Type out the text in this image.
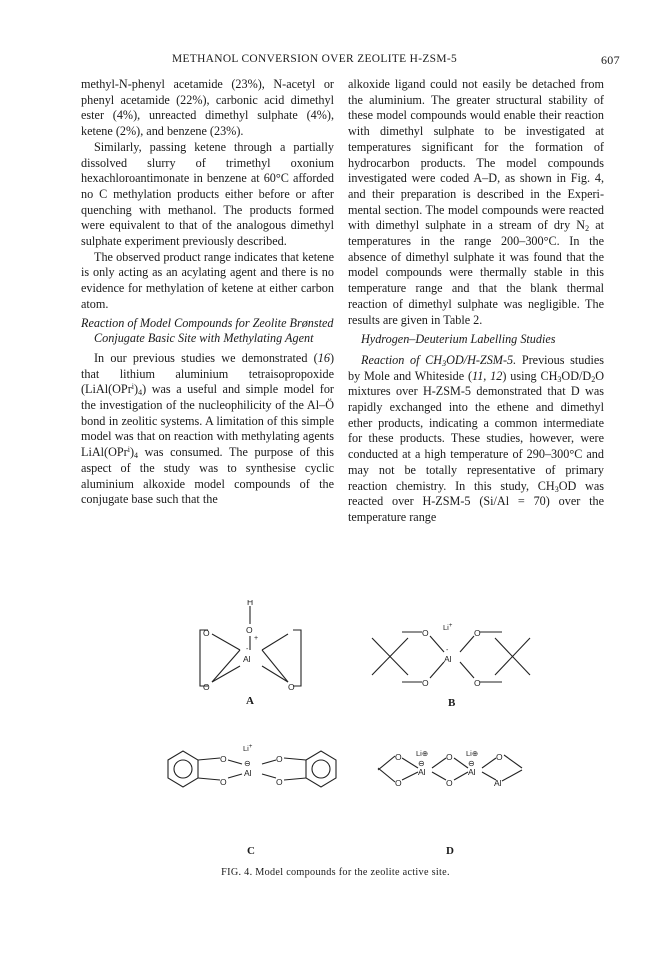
METHANOL CONVERSION OVER ZEOLITE H-ZSM-5	607

methyl-N-phenyl acetamide (23%), N-acetyl or phenyl acetamide (22%), carbonic acid dimethyl ester (4%), unreacted dimethyl sulphate (4%), ketene (2%), and benzene (23%).

Similarly, passing ketene through a partially dissolved slurry of trimethyl oxonium hexachloroantimonate in benzene at 60°C afforded no C methylation products either before or after quenching with methanol. The products formed were equivalent to that of the analogous dimethyl sulphate experiment previously described.

The observed product range indicates that ketene is only acting as an acylating agent and there is no evidence for methylation of ketene at either carbon atom.

Reaction of Model Compounds for Zeolite Brønsted Conjugate Basic Site with Methylating Agent

In our previous studies we demonstrated (16) that lithium aluminium tetraisopropoxide $(LiAl(OPr^i)_4)$ was a useful and simple model for the investigation of the nucleophilicity of the Al–Ö bond in zeolitic systems. A limitation of this simple model was that on reaction with methylating agents $LiAl(OPr^i)_4$ was consumed. The purpose of this aspect of the study was to synthesise cyclic aluminium alkoxide model compounds of the conjugate base such that the

alkoxide ligand could not easily be detached from the aluminium. The greater structural stability of these model compounds would enable their reaction with dimethyl sulphate to be investigated at temperatures significant for the formation of hydrocarbon products. The model compounds investigated were coded A–D, as shown in Fig. 4, and their preparation is described in the Experimental section. The model compounds were reacted with dimethyl sulphate in a stream of dry $N_2$ at temperatures in the range 200–300°C. In the absence of dimethyl sulphate it was found that the model compounds were thermally stable in this temperature range and that the blank thermal reaction of dimethyl sulphate was negligible. The results are given in Table 2.

Hydrogen–Deuterium Labelling Studies

Reaction of $CH_3OD/H-ZSM-5$. Previous studies by Mole and Whiteside (11, 12) using $CH_3OD/D_2O$ mixtures over H-ZSM-5 demonstrated that D was rapidly exchanged into the ethene and dimethyl ether products, indicating a common intermediate for these products. These studies, however, were conducted at a high temperature of 290–300°C and may not be totally representative of primary reaction chemistry. In this study, $CH_3OD$ was reacted over H-ZSM-5 (Si/Al = 70) over the temperature range

H
O	O
+
Al
-
O	O
O
Li+
Al
-
O
O
O
O
Li+
⊖
Al
O
O
O
O Li⊕
⊖
Al
O
O
O
Li⊕
⊖
Al
O
Al
A	B
C	D
FIG. 4. Model compounds for the zeolite active site.
